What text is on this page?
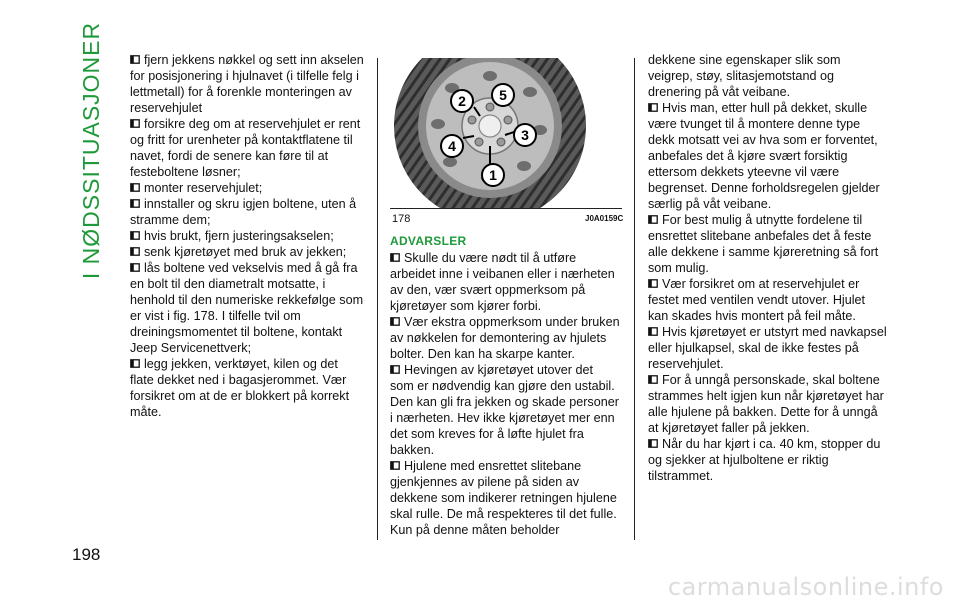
I NØDSSITUASJONER
198

fjern jekkens nøkkel og sett inn akselen for posisjonering i hjulnavet (i tilfelle felg i lettmetall) for å forenkle monteringen av reservehjulet

forsikre deg om at reservehjulet er rent og fritt for urenheter på kontaktflatene til navet, fordi de senere kan føre til at festeboltene løsner;

monter reservehjulet;

innstaller og skru igjen boltene, uten å stramme dem;

hvis brukt, fjern justeringsakselen;

senk kjøretøyet med bruk av jekken;

lås boltene ved vekselvis med å gå fra en bolt til den diametralt motsatte, i henhold til den numeriske rekkefølge som er vist i fig. 178. I tilfelle tvil om dreiningsmomentet til boltene, kontakt Jeep Servicenettverk;

legg jekken, verktøyet, kilen og det flate dekket ned i bagasjerommet. Vær forsikret om at de er blokkert på korrekt måte.

1
2
3
4
5
178	J0A0159C
ADVARSLER

Skulle du være nødt til å utføre arbeidet inne i veibanen eller i nærheten av den, vær svært oppmerksom på kjøretøyer som kjører forbi.

Vær ekstra oppmerksom under bruken av nøkkelen for demontering av hjulets bolter. Den kan ha skarpe kanter.

Hevingen av kjøretøyet utover det som er nødvendig kan gjøre den ustabil. Den kan gli fra jekken og skade personer i nærheten. Hev ikke kjøretøyet mer enn det som kreves for å løfte hjulet fra bakken.

Hjulene med ensrettet slitebane gjenkjennes av pilene på siden av dekkene som indikerer retningen hjulene skal rulle. De må respekteres til det fulle. Kun på denne måten beholder

dekkene sine egenskaper slik som veigrep, støy, slitasjemotstand og drenering på våt veibane.

Hvis man, etter hull på dekket, skulle være tvunget til å montere denne type dekk motsatt vei av hva som er forventet, anbefales det å kjøre svært forsiktig ettersom dekkets yteevne vil være begrenset. Denne forholdsregelen gjelder særlig på våt veibane.

For best mulig å utnytte fordelene til ensrettet slitebane anbefales det å feste alle dekkene i samme kjøreretning så fort som mulig.

Vær forsikret om at reservehjulet er festet med ventilen vendt utover. Hjulet kan skades hvis montert på feil måte.

Hvis kjøretøyet er utstyrt med navkapsel eller hjulkapsel, skal de ikke festes på reservehjulet.

For å unngå personskade, skal boltene strammes helt igjen kun når kjøretøyet har alle hjulene på bakken. Dette for å unngå at kjøretøyet faller på jekken.

Når du har kjørt i ca. 40 km, stopper du og sjekker at hjulboltene er riktig tilstrammet.

carmanualsonline.info
